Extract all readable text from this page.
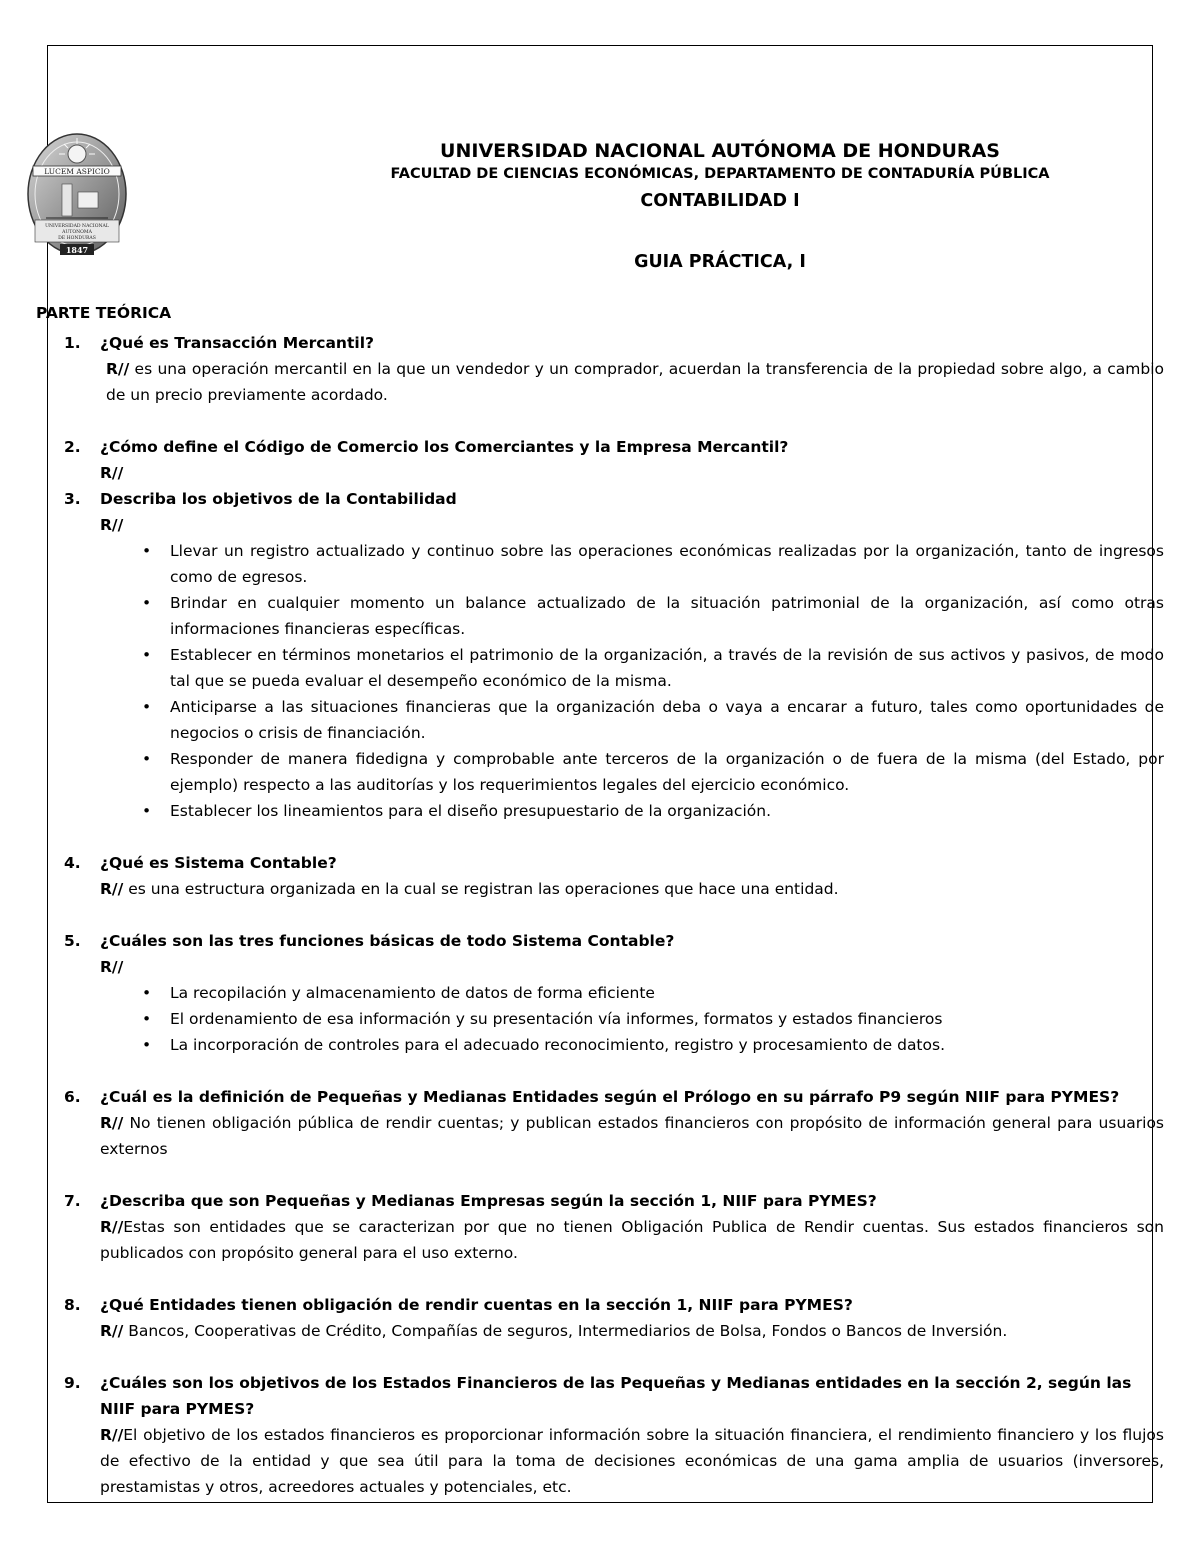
LUCEM ASPICIO
UNIVERSIDAD NACIONAL
AUTONOMA
DE HONDURAS
1847
UNIVERSIDAD NACIONAL AUTÓNOMA DE HONDURAS
FACULTAD DE CIENCIAS ECONÓMICAS, DEPARTAMENTO DE CONTADURÍA PÚBLICA
CONTABILIDAD I
GUIA PRÁCTICA, I
PARTE TEÓRICA
1. ¿Qué es Transacción Mercantil?
R// es una operación mercantil en la que un vendedor y un comprador, acuerdan la transferencia de la propiedad sobre algo, a cambio de un precio previamente acordado.
2. ¿Cómo define el Código de Comercio los Comerciantes y la Empresa Mercantil?
R//
3. Describa los objetivos de la Contabilidad
R//
• Llevar un registro actualizado y continuo sobre las operaciones económicas realizadas por la organización, tanto de ingresos como de egresos.
• Brindar en cualquier momento un balance actualizado de la situación patrimonial de la organización, así como otras informaciones financieras específicas.
• Establecer en términos monetarios el patrimonio de la organización, a través de la revisión de sus activos y pasivos, de modo tal que se pueda evaluar el desempeño económico de la misma.
• Anticiparse a las situaciones financieras que la organización deba o vaya a encarar a futuro, tales como oportunidades de negocios o crisis de financiación.
• Responder de manera fidedigna y comprobable ante terceros de la organización o de fuera de la misma (del Estado, por ejemplo) respecto a las auditorías y los requerimientos legales del ejercicio económico.
• Establecer los lineamientos para el diseño presupuestario de la organización.
4. ¿Qué es Sistema Contable?
R// es una estructura organizada en la cual se registran las operaciones que hace una entidad.
5. ¿Cuáles son las tres funciones básicas de todo Sistema Contable?
R//
• La recopilación y almacenamiento de datos de forma eficiente
• El ordenamiento de esa información y su presentación vía informes, formatos y estados financieros
• La incorporación de controles para el adecuado reconocimiento, registro y procesamiento de datos.
6. ¿Cuál es la definición de Pequeñas y Medianas Entidades según el Prólogo en su párrafo P9 según NIIF para PYMES?
R// No tienen obligación pública de rendir cuentas; y publican estados financieros con propósito de información general para usuarios externos
7. ¿Describa que son Pequeñas y Medianas Empresas según la sección 1, NIIF para PYMES?
R//Estas son entidades que se caracterizan por que no tienen Obligación Publica de Rendir cuentas. Sus estados financieros son publicados con propósito general para el uso externo.
8. ¿Qué Entidades tienen obligación de rendir cuentas en la sección 1, NIIF para PYMES?
R// Bancos, Cooperativas de Crédito, Compañías de seguros, Intermediarios de Bolsa, Fondos o Bancos de Inversión.
9. ¿Cuáles son los objetivos de los Estados Financieros de las Pequeñas y Medianas entidades en la sección 2, según las NIIF para PYMES?
R//El objetivo de los estados financieros es proporcionar información sobre la situación financiera, el rendimiento financiero y los flujos de efectivo de la entidad y que sea útil para la toma de decisiones económicas de una gama amplia de usuarios (inversores, prestamistas y otros, acreedores actuales y potenciales, etc.
